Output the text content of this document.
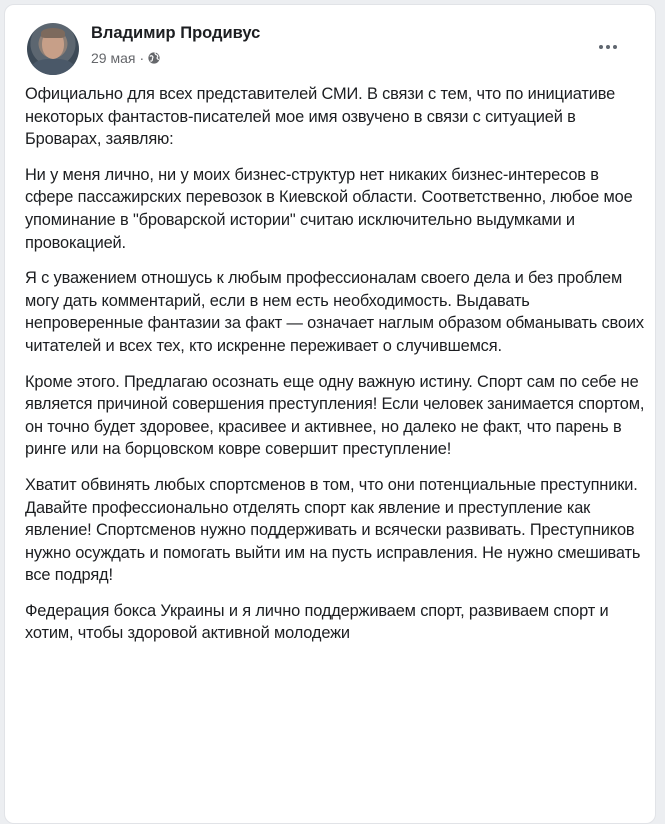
Владимир Продивус
29 мая ·

Официально для всех представителей СМИ. В связи с тем, что по инициативе некоторых фантастов-писателей мое имя озвучено в связи с ситуацией в Броварах, заявляю:

Ни у меня лично, ни у моих бизнес-структур нет никаких бизнес-интересов в сфере пассажирских перевозок в Киевской области. Соответственно, любое мое упоминание в "броварской истории" считаю исключительно выдумками и провокацией.

Я с уважением отношусь к любым профессионалам своего дела и без проблем могу дать комментарий, если в нем есть необходимость. Выдавать непроверенные фантазии за факт — означает наглым образом обманывать своих читателей и всех тех, кто искренне переживает о случившемся.

Кроме этого. Предлагаю осознать еще одну важную истину. Спорт сам по себе не является причиной совершения преступления! Если человек занимается спортом, он точно будет здоровее, красивее и активнее, но далеко не факт, что парень в ринге или на борцовском ковре совершит преступление!

Хватит обвинять любых спортсменов в том, что они потенциальные преступники. Давайте профессионально отделять спорт как явление и преступление как явление! Спортсменов нужно поддерживать и всячески развивать. Преступников нужно осуждать и помогать выйти им на пусть исправления. Не нужно смешивать все подряд!

Федерация бокса Украины и я лично поддерживаем спорт, развиваем спорт и хотим, чтобы здоровой активной молодежи
